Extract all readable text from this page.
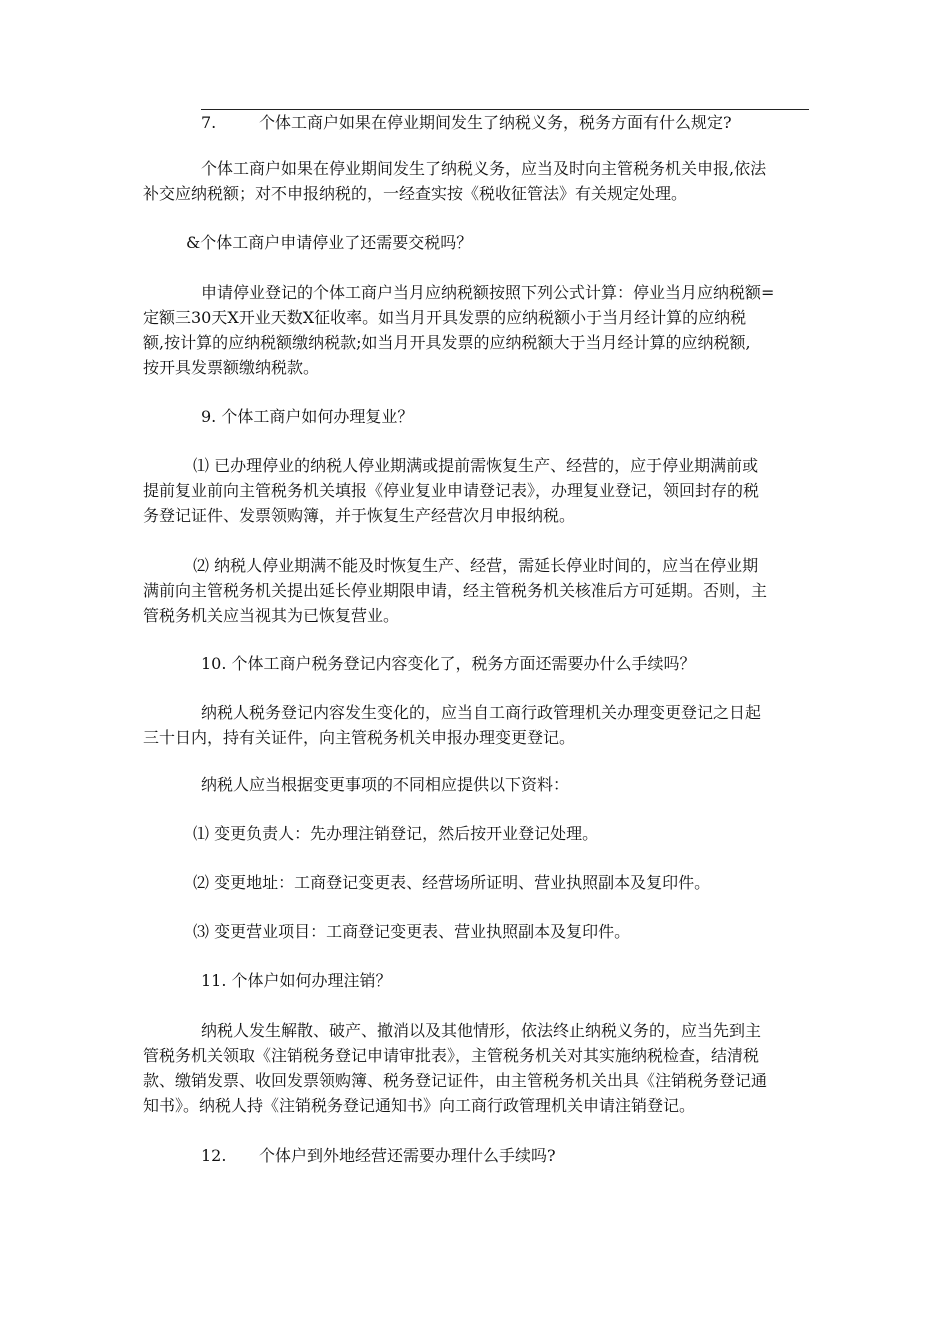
7.	个体工商户如果在停业期间发生了纳税义务，税务方面有什么规定?
个体工商户如果在停业期间发生了纳税义务，应当及时向主管税务机关申报,依法
补交应纳税额；对不申报纳税的，一经查实按《税收征管法》有关规定处理。
&个体工商户申请停业了还需要交税吗？
申请停业登记的个体工商户当月应纳税额按照下列公式计算：停业当月应纳税额=
定额三30天X开业天数X征收率。如当月开具发票的应纳税额小于当月经计算的应纳税
额,按计算的应纳税额缴纳税款;如当月开具发票的应纳税额大于当月经计算的应纳税额,
按开具发票额缴纳税款。
9. 个体工商户如何办理复业？
⑴ 已办理停业的纳税人停业期满或提前需恢复生产、经营的，应于停业期满前或
提前复业前向主管税务机关填报《停业复业申请登记表》，办理复业登记，领回封存的税
务登记证件、发票领购簿，并于恢复生产经营次月申报纳税。
⑵ 纳税人停业期满不能及时恢复生产、经营，需延长停业时间的，应当在停业期
满前向主管税务机关提出延长停业期限申请，经主管税务机关核准后方可延期。否则，主
管税务机关应当视其为已恢复营业。
10. 个体工商户税务登记内容变化了，税务方面还需要办什么手续吗？
纳税人税务登记内容发生变化的，应当自工商行政管理机关办理变更登记之日起
三十日内，持有关证件，向主管税务机关申报办理变更登记。
纳税人应当根据变更事项的不同相应提供以下资料：
⑴ 变更负责人：先办理注销登记，然后按开业登记处理。
⑵ 变更地址：工商登记变更表、经营场所证明、营业执照副本及复印件。
⑶ 变更营业项目：工商登记变更表、营业执照副本及复印件。
11. 个体户如何办理注销？
纳税人发生解散、破产、撤消以及其他情形，依法终止纳税义务的，应当先到主
管税务机关领取《注销税务登记申请审批表》，主管税务机关对其实施纳税检查，结清税
款、缴销发票、收回发票领购簿、税务登记证件，由主管税务机关出具《注销税务登记通
知书》。纳税人持《注销税务登记通知书》向工商行政管理机关申请注销登记。
12. 个体户到外地经营还需要办理什么手续吗?
